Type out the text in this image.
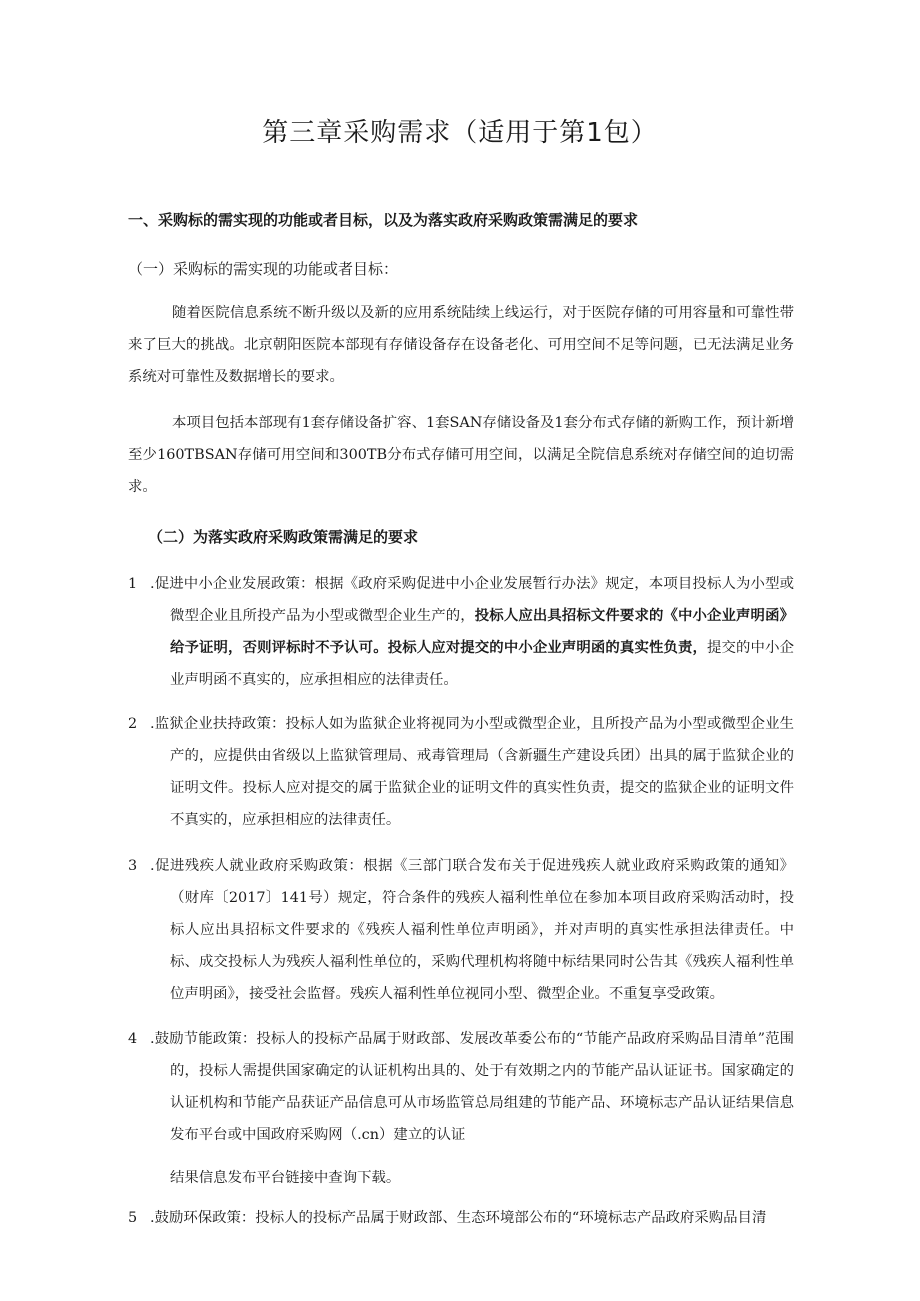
第三章采购需求（适用于第1包）
一、采购标的需实现的功能或者目标，以及为落实政府采购政策需满足的要求
（一）采购标的需实现的功能或者目标：

随着医院信息系统不断升级以及新的应用系统陆续上线运行，对于医院存储的可用容量和可靠性带来了巨大的挑战。北京朝阳医院本部现有存储设备存在设备老化、可用空间不足等问题，已无法满足业务系统对可靠性及数据增长的要求。

本项目包括本部现有1套存储设备扩容、1套SAN存储设备及1套分布式存储的新购工作，预计新增至少160TBSAN存储可用空间和300TB分布式存储可用空间，以满足全院信息系统对存储空间的迫切需求。

（二）为落实政府采购政策需满足的要求
1 .促进中小企业发展政策：根据《政府采购促进中小企业发展暂行办法》规定，本项目投标人为小型或微型企业且所投产品为小型或微型企业生产的，投标人应出具招标文件要求的《中小企业声明函》给予证明，否则评标时不予认可。投标人应对提交的中小企业声明函的真实性负责，提交的中小企业声明函不真实的，应承担相应的法律责任。
2 .监狱企业扶持政策：投标人如为监狱企业将视同为小型或微型企业，且所投产品为小型或微型企业生产的，应提供由省级以上监狱管理局、戒毒管理局（含新疆生产建设兵团）出具的属于监狱企业的证明文件。投标人应对提交的属于监狱企业的证明文件的真实性负责，提交的监狱企业的证明文件不真实的，应承担相应的法律责任。
3 .促进残疾人就业政府采购政策：根据《三部门联合发布关于促进残疾人就业政府采购政策的通知》（财库〔2017〕141号）规定，符合条件的残疾人福利性单位在参加本项目政府采购活动时，投标人应出具招标文件要求的《残疾人福利性单位声明函》，并对声明的真实性承担法律责任。中标、成交投标人为残疾人福利性单位的，采购代理机构将随中标结果同时公告其《残疾人福利性单位声明函》，接受社会监督。残疾人福利性单位视同小型、微型企业。不重复享受政策。
4 .鼓励节能政策：投标人的投标产品属于财政部、发展改革委公布的“节能产品政府采购品目清单”范围的，投标人需提供国家确定的认证机构出具的、处于有效期之内的节能产品认证证书。国家确定的认证机构和节能产品获证产品信息可从市场监管总局组建的节能产品、环境标志产品认证结果信息发布平台或中国政府采购网（.cn）建立的认证
结果信息发布平台链接中查询下载。
5 .鼓励环保政策：投标人的投标产品属于财政部、生态环境部公布的“环境标志产品政府采购品目清
